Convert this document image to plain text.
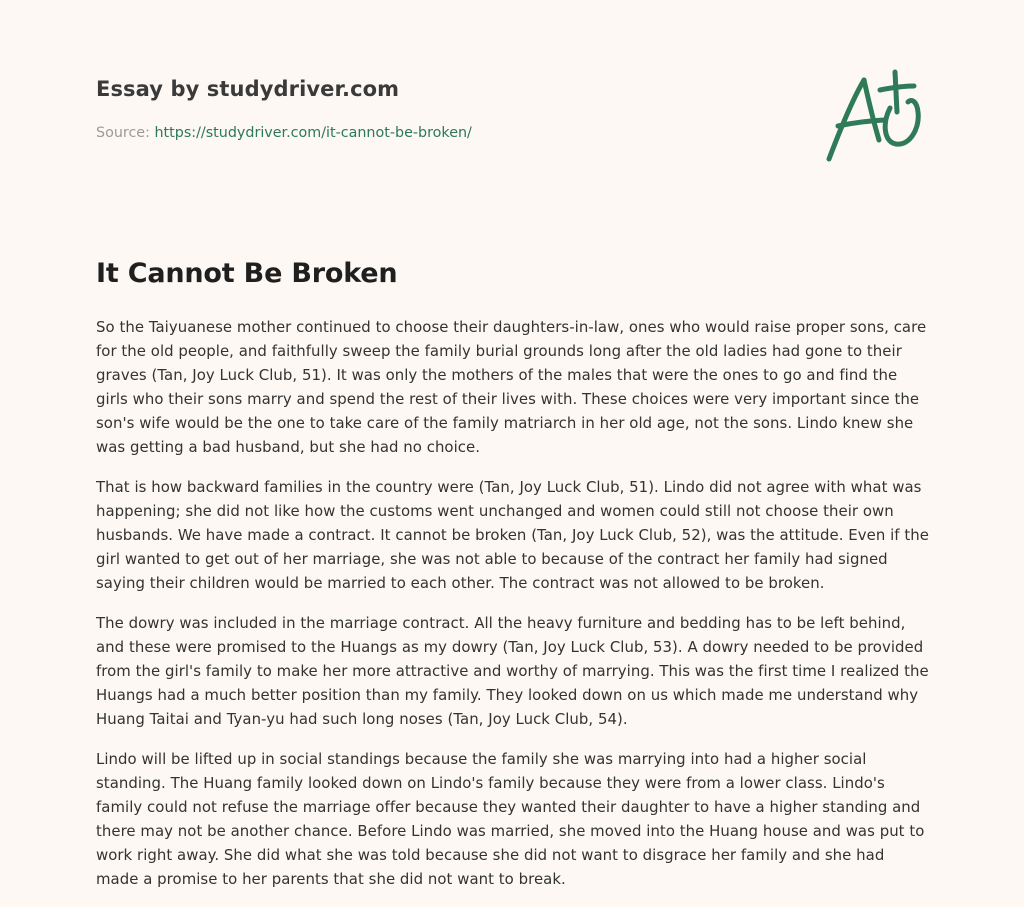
Essay by studydriver.com
Source: https://studydriver.com/it-cannot-be-broken/
It Cannot Be Broken

So the Taiyuanese mother continued to choose their daughters-in-law, ones who would raise proper sons, care for the old people, and faithfully sweep the family burial grounds long after the old ladies had gone to their graves (Tan, Joy Luck Club, 51). It was only the mothers of the males that were the ones to go and find the girls who their sons marry and spend the rest of their lives with. These choices were very important since the son's wife would be the one to take care of the family matriarch in her old age, not the sons. Lindo knew she was getting a bad husband, but she had no choice.

That is how backward families in the country were (Tan, Joy Luck Club, 51). Lindo did not agree with what was happening; she did not like how the customs went unchanged and women could still not choose their own husbands. We have made a contract. It cannot be broken (Tan, Joy Luck Club, 52), was the attitude. Even if the girl wanted to get out of her marriage, she was not able to because of the contract her family had signed saying their children would be married to each other. The contract was not allowed to be broken.

The dowry was included in the marriage contract. All the heavy furniture and bedding has to be left behind, and these were promised to the Huangs as my dowry (Tan, Joy Luck Club, 53). A dowry needed to be provided from the girl's family to make her more attractive and worthy of marrying. This was the first time I realized the Huangs had a much better position than my family. They looked down on us which made me understand why Huang Taitai and Tyan-yu had such long noses (Tan, Joy Luck Club, 54).

Lindo will be lifted up in social standings because the family she was marrying into had a higher social standing. The Huang family looked down on Lindo's family because they were from a lower class. Lindo's family could not refuse the marriage offer because they wanted their daughter to have a higher standing and there may not be another chance. Before Lindo was married, she moved into the Huang house and was put to work right away. She did what she was told because she did not want to disgrace her family and she had made a promise to her parents that she did not want to break.
